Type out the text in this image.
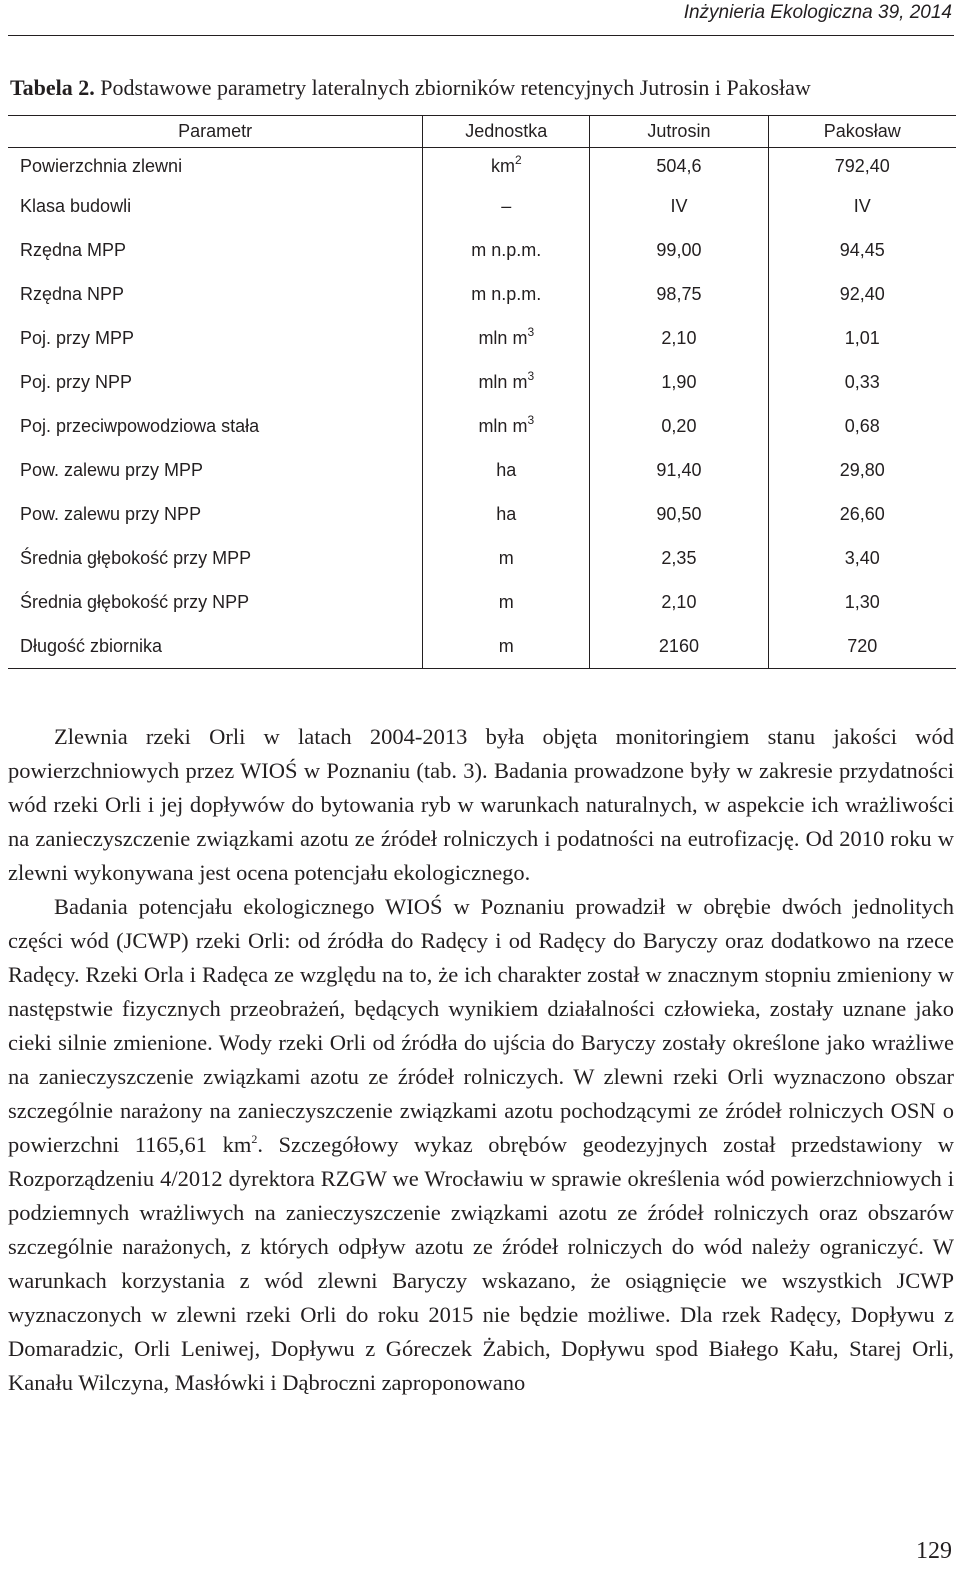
Inżynieria Ekologiczna 39, 2014
Tabela 2. Podstawowe parametry lateralnych zbiorników retencyjnych Jutrosin i Pakosław
Parametr	Jednostka	Jutrosin	Pakosław
Powierzchnia zlewni	$km^2$	504,6	792,40
Klasa budowli	–	IV	IV
Rzędna MPP	m n.p.m.	99,00	94,45
Rzędna NPP	m n.p.m.	98,75	92,40
Poj. przy MPP	mln $m^3$	2,10	1,01
Poj. przy NPP	mln $m^3$	1,90	0,33
Poj. przeciwpowodziowa stała	mln $m^3$	0,20	0,68
Pow. zalewu przy MPP	ha	91,40	29,80
Pow. zalewu przy NPP	ha	90,50	26,60
Średnia głębokość przy MPP	m	2,35	3,40
Średnia głębokość przy NPP	m	2,10	1,30
Długość zbiornika	m	2160	720

Zlewnia rzeki Orli w latach 2004-2013 była objęta monitoringiem stanu jakości wód powierzchniowych przez WIOŚ w Poznaniu (tab. 3). Badania prowadzone były w zakresie przydatności wód rzeki Orli i jej dopływów do bytowania ryb w warunkach naturalnych, w aspekcie ich wrażliwości na zanieczyszczenie związkami azotu ze źródeł rolniczych i podatności na eutrofizację. Od 2010 roku w zlewni wykonywana jest ocena potencjału ekologicznego.

Badania potencjału ekologicznego WIOŚ w Poznaniu prowadził w obrębie dwóch jednolitych części wód (JCWP) rzeki Orli: od źródła do Radęcy i od Radęcy do Baryczy oraz dodatkowo na rzece Radęcy. Rzeki Orla i Radęca ze względu na to, że ich charakter został w znacznym stopniu zmieniony w następstwie fizycznych przeobrażeń, będących wynikiem działalności człowieka, zostały uznane jako cieki silnie zmienione. Wody rzeki Orli od źródła do ujścia do Baryczy zostały określone jako wrażliwe na zanieczyszczenie związkami azotu ze źródeł rolniczych. W zlewni rzeki Orli wyznaczono obszar szczególnie narażony na zanieczyszczenie związkami azotu pochodzącymi ze źródeł rolniczych OSN o powierzchni 1165,61 $km^2$. Szczegółowy wykaz obrębów geodezyjnych został przedstawiony w Rozporządzeniu 4/2012 dyrektora RZGW we Wrocławiu w sprawie określenia wód powierzchniowych i podziemnych wrażliwych na zanieczyszczenie związkami azotu ze źródeł rolniczych oraz obszarów szczególnie narażonych, z których odpływ azotu ze źródeł rolniczych do wód należy ograniczyć. W warunkach korzystania z wód zlewni Baryczy wskazano, że osiągnięcie we wszystkich JCWP wyznaczonych w zlewni rzeki Orli do roku 2015 nie będzie możliwe. Dla rzek Radęcy, Dopływu z Domaradzic, Orli Leniwej, Dopływu z Góreczek Żabich, Dopływu spod Białego Kału, Starej Orli, Kanału Wilczyna, Masłówki i Dąbroczni zaproponowano

129
